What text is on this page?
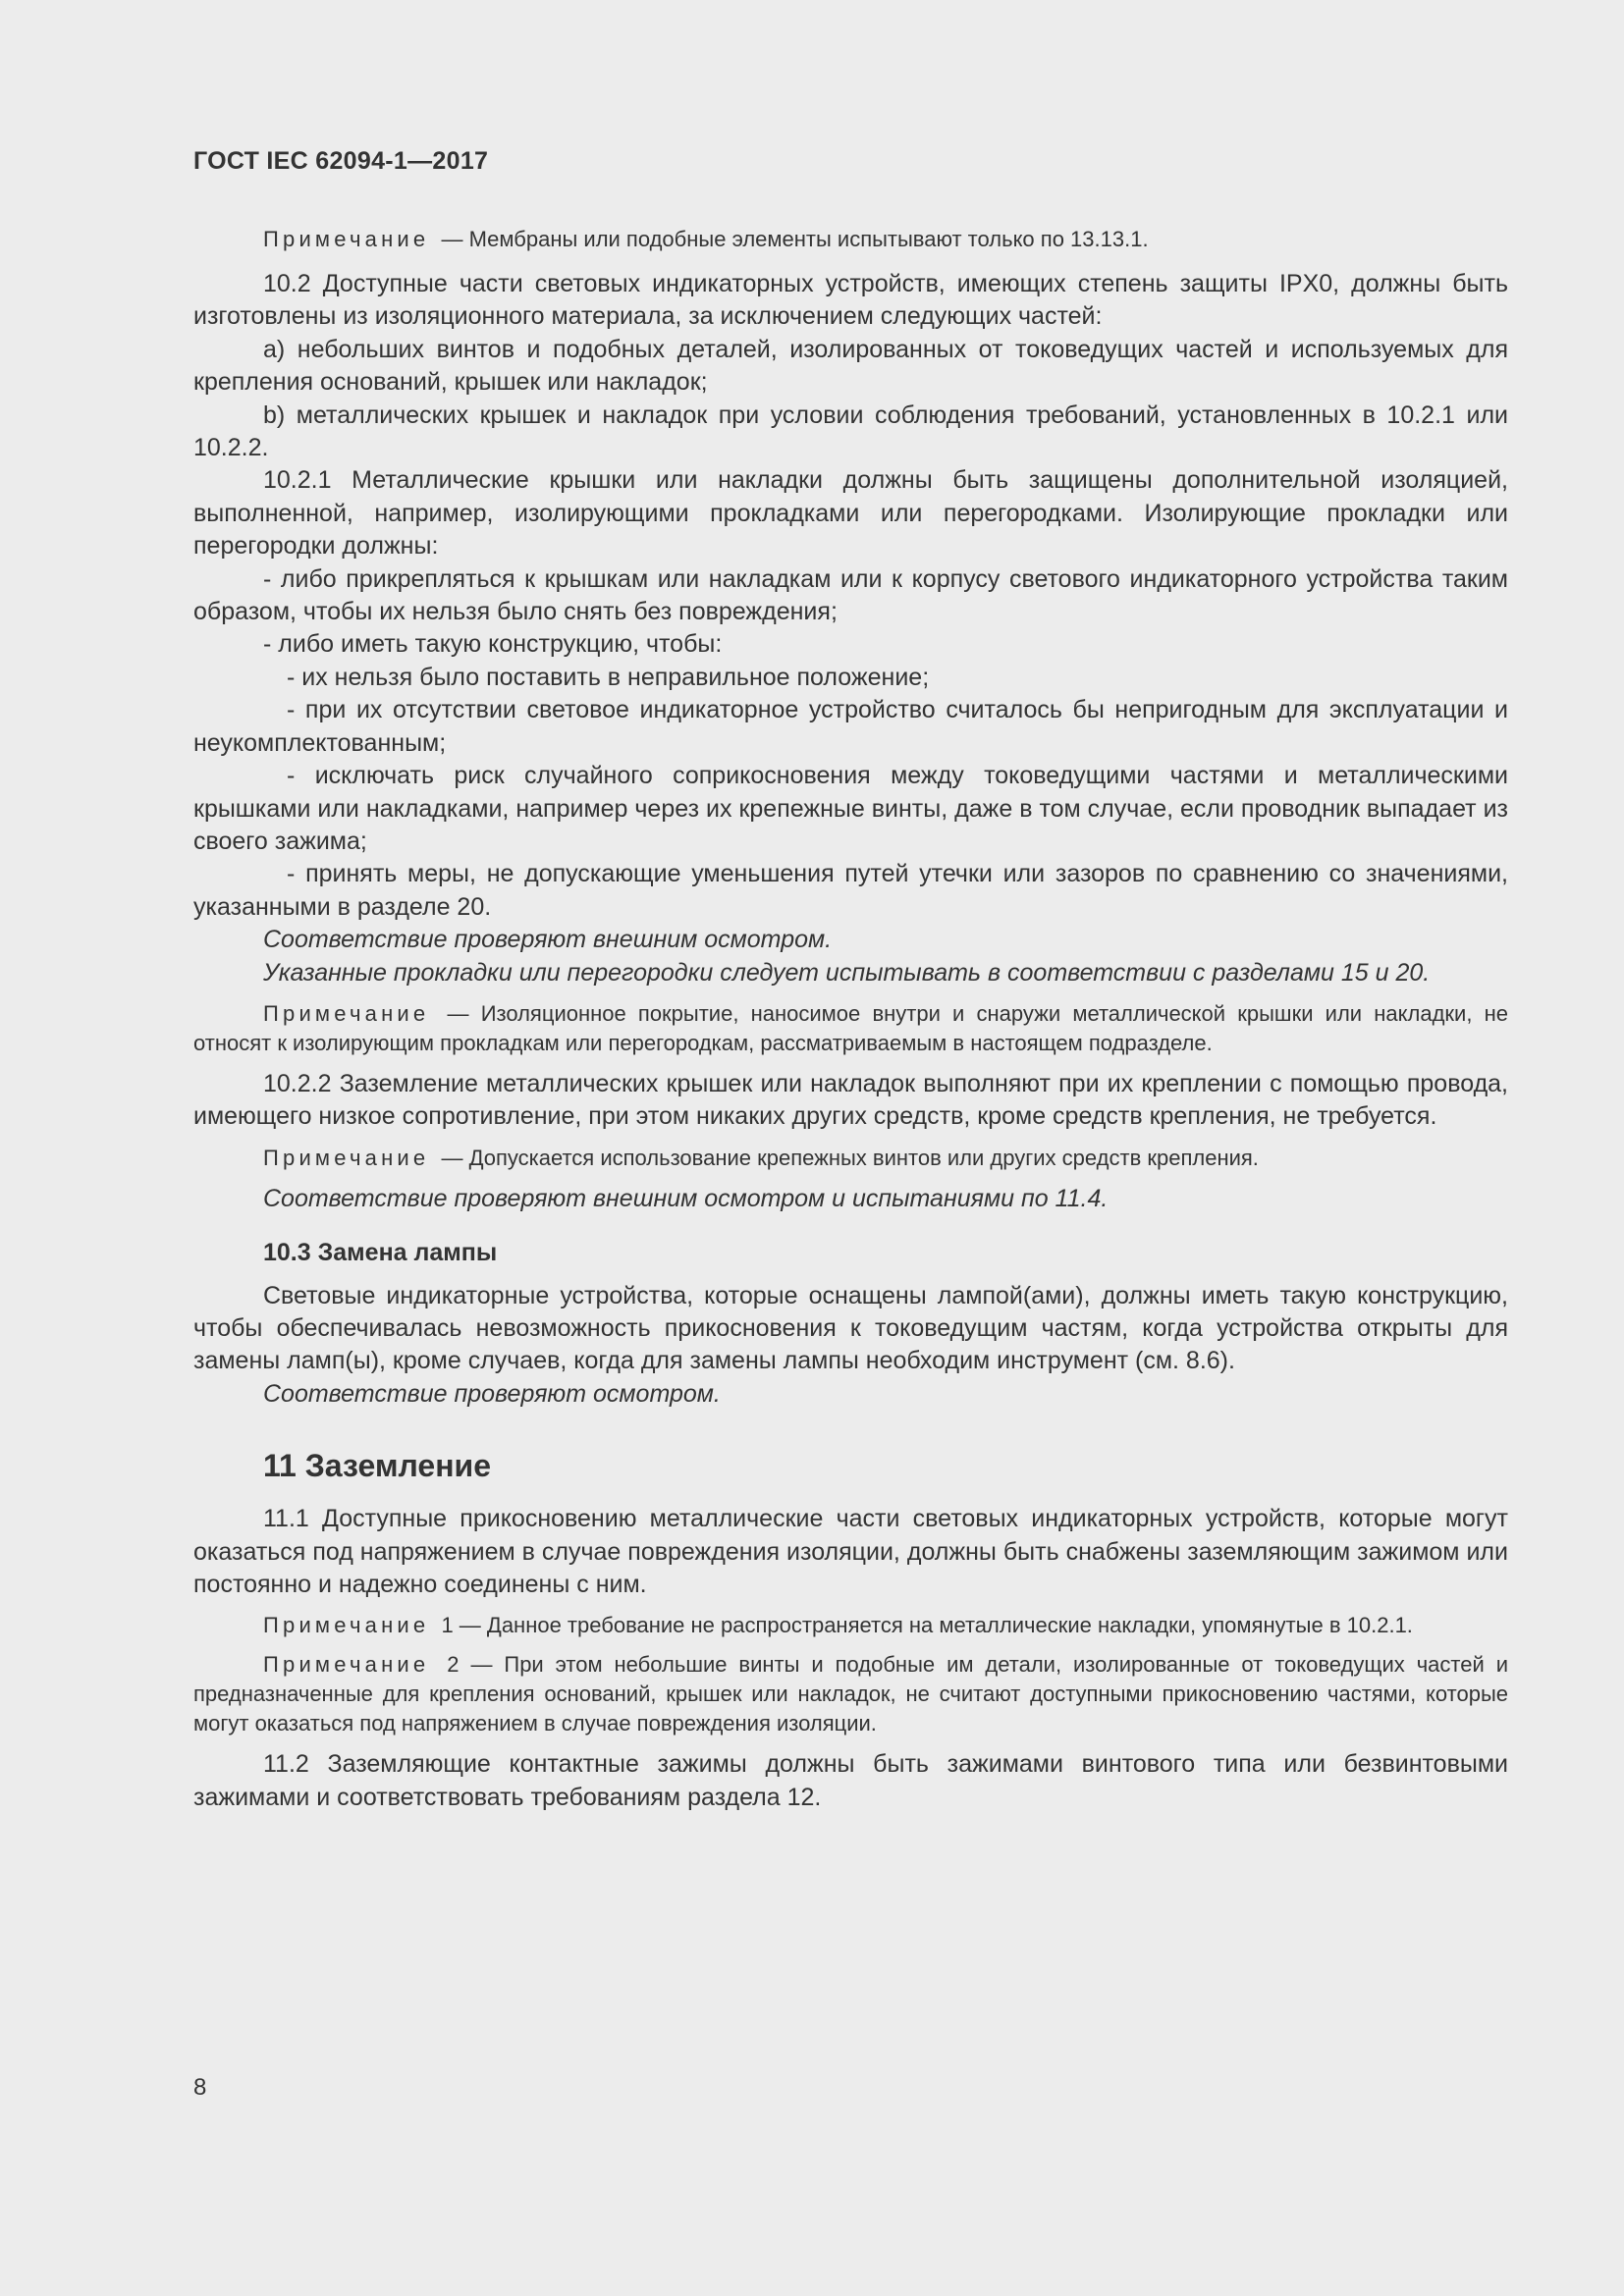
ГОСТ IEC 62094-1—2017

Примечание — Мембраны или подобные элементы испытывают только по 13.13.1.

10.2 Доступные части световых индикаторных устройств, имеющих степень защиты IPX0, должны быть изготовлены из изоляционного материала, за исключением следующих частей:

a) небольших винтов и подобных деталей, изолированных от токоведущих частей и используемых для крепления оснований, крышек или накладок;

b) металлических крышек и накладок при условии соблюдения требований, установленных в 10.2.1 или 10.2.2.

10.2.1 Металлические крышки или накладки должны быть защищены дополнительной изоляцией, выполненной, например, изолирующими прокладками или перегородками. Изолирующие прокладки или перегородки должны:

- либо прикрепляться к крышкам или накладкам или к корпусу светового индикаторного устройства таким образом, чтобы их нельзя было снять без повреждения;

- либо иметь такую конструкцию, чтобы:

- их нельзя было поставить в неправильное положение;

- при их отсутствии световое индикаторное устройство считалось бы непригодным для эксплуатации и неукомплектованным;

- исключать риск случайного соприкосновения между токоведущими частями и металлическими крышками или накладками, например через их крепежные винты, даже в том случае, если проводник выпадает из своего зажима;

- принять меры, не допускающие уменьшения путей утечки или зазоров по сравнению со значениями, указанными в разделе 20.

Соответствие проверяют внешним осмотром.

Указанные прокладки или перегородки следует испытывать в соответствии с разделами 15 и 20.

Примечание — Изоляционное покрытие, наносимое внутри и снаружи металлической крышки или накладки, не относят к изолирующим прокладкам или перегородкам, рассматриваемым в настоящем подразделе.

10.2.2 Заземление металлических крышек или накладок выполняют при их креплении с помощью провода, имеющего низкое сопротивление, при этом никаких других средств, кроме средств крепления, не требуется.

Примечание — Допускается использование крепежных винтов или других средств крепления.

Соответствие проверяют внешним осмотром и испытаниями по 11.4.

10.3 Замена лампы

Световые индикаторные устройства, которые оснащены лампой(ами), должны иметь такую конструкцию, чтобы обеспечивалась невозможность прикосновения к токоведущим частям, когда устройства открыты для замены ламп(ы), кроме случаев, когда для замены лампы необходим инструмент (см. 8.6).

Соответствие проверяют осмотром.

11 Заземление

11.1 Доступные прикосновению металлические части световых индикаторных устройств, которые могут оказаться под напряжением в случае повреждения изоляции, должны быть снабжены заземляющим зажимом или постоянно и надежно соединены с ним.

Примечание 1 — Данное требование не распространяется на металлические накладки, упомянутые в 10.2.1.

Примечание 2 — При этом небольшие винты и подобные им детали, изолированные от токоведущих частей и предназначенные для крепления оснований, крышек или накладок, не считают доступными прикосновению частями, которые могут оказаться под напряжением в случае повреждения изоляции.

11.2 Заземляющие контактные зажимы должны быть зажимами винтового типа или безвинтовыми зажимами и соответствовать требованиям раздела 12.

8
